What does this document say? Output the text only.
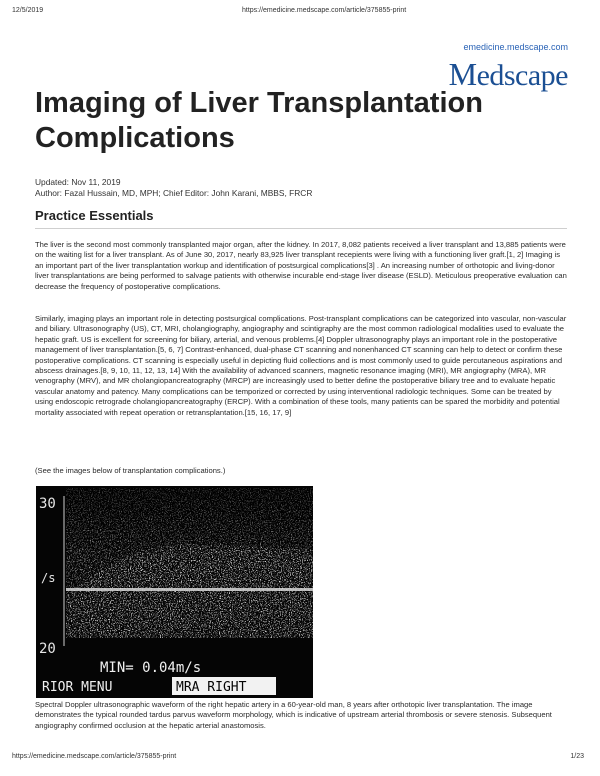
12/5/2019	https://emedicine.medscape.com/article/375855-print
emedicine.medscape.com
Medscape
Imaging of Liver Transplantation Complications
Updated: Nov 11, 2019
Author: Fazal Hussain, MD, MPH; Chief Editor: John Karani, MBBS, FRCR
Practice Essentials

The liver is the second most commonly transplanted major organ, after the kidney. In 2017, 8,082 patients received a liver transplant and 13,885 patients were on the waiting list for a liver transplant. As of June 30, 2017, nearly 83,925 liver transplant recepients were living with a functioning liver graft.[1, 2] Imaging is an important part of the liver transplantation workup and identification of postsurgical complications[3] . An increasing number of orthotopic and living-donor liver transplantations are being performed to salvage patients with otherwise incurable end-stage liver disease (ESLD). Meticulous preoperative evaluation can decrease the frequency of postoperative complications.

Similarly, imaging plays an important role in detecting postsurgical complications. Post-transplant complications can be categorized into vascular, non-vascular and biliary. Ultrasonography (US), CT, MRI, cholangiography, angiography and scintigraphy are the most common radiological modalities used to evaluate the hepatic graft. US is excellent for screening for biliary, arterial, and venous problems.[4] Doppler ultrasonography plays an important role in the postoperative management of liver transplantation.[5, 6, 7] Contrast-enhanced, dual-phase CT scanning and nonenhanced CT scanning can help to detect or confirm these postoperative complications. CT scanning is especially useful in depicting fluid collections and is most commonly used to guide percutaneous aspirations and abscess drainages.[8, 9, 10, 11, 12, 13, 14] With the availability of advanced scanners, magnetic resonance imaging (MRI), MR angiography (MRA), MR venography (MRV), and MR cholangiopancreatography (MRCP) are increasingly used to better define the postoperative biliary tree and to evaluate hepatic vascular anatomy and patency. Many complications can be temporized or corrected by using interventional radiologic techniques. Some can be treated by using endoscopic retrograde cholangiopancreatography (ERCP). With a combination of these tools, many patients can be spared the morbidity and potential mortality associated with repeat operation or retransplantation.[15, 16, 17, 9]

(See the images below of transplantation complications.)

30
/s
20
MIN= 0.04m/s
RIOR MENU	MRA RIGHT

Spectral Doppler ultrasonographic waveform of the right hepatic artery in a 60-year-old man, 8 years after orthotopic liver transplantation. The image demonstrates the typical rounded tardus parvus waveform morphology, which is indicative of upstream arterial thrombosis or severe stenosis. Subsequent angiography confirmed occlusion at the hepatic arterial anastomosis.

https://emedicine.medscape.com/article/375855-print	1/23
